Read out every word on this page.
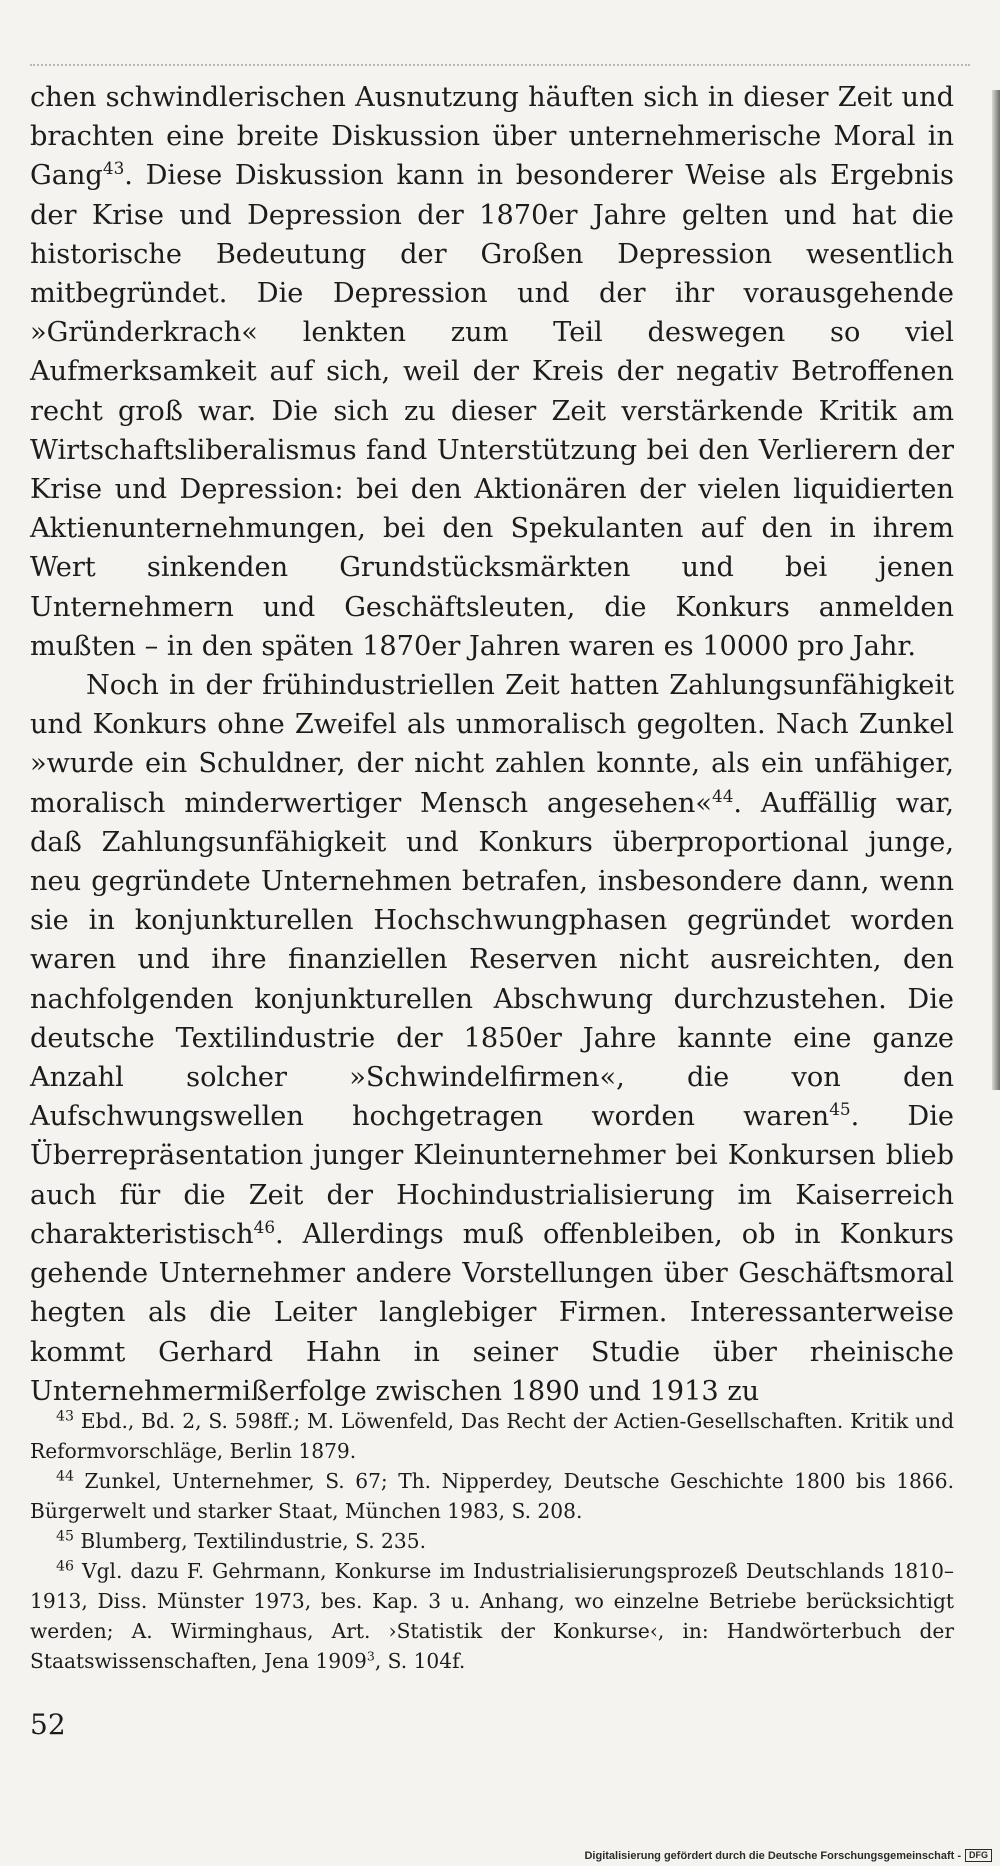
chen schwindlerischen Ausnutzung häuften sich in dieser Zeit und brachten eine breite Diskussion über unternehmerische Moral in Gang$^{43}$. Diese Diskussion kann in besonderer Weise als Ergebnis der Krise und Depression der 1870er Jahre gelten und hat die historische Bedeutung der Großen Depression wesentlich mitbegründet. Die Depression und der ihr vorausgehende »Gründerkrach« lenkten zum Teil deswegen so viel Aufmerksamkeit auf sich, weil der Kreis der negativ Betroffenen recht groß war. Die sich zu dieser Zeit verstärkende Kritik am Wirtschaftsliberalismus fand Unterstützung bei den Verlierern der Krise und Depression: bei den Aktionären der vielen liquidierten Aktienunternehmungen, bei den Spekulanten auf den in ihrem Wert sinkenden Grundstücksmärkten und bei jenen Unternehmern und Geschäftsleuten, die Konkurs anmelden mußten – in den späten 1870er Jahren waren es 10000 pro Jahr.

Noch in der frühindustriellen Zeit hatten Zahlungsunfähigkeit und Konkurs ohne Zweifel als unmoralisch gegolten. Nach Zunkel »wurde ein Schuldner, der nicht zahlen konnte, als ein unfähiger, moralisch minderwertiger Mensch angesehen«$^{44}$. Auffällig war, daß Zahlungsunfähigkeit und Konkurs überproportional junge, neu gegründete Unternehmen betrafen, insbesondere dann, wenn sie in konjunkturellen Hochschwungphasen gegründet worden waren und ihre finanziellen Reserven nicht ausreichten, den nachfolgenden konjunkturellen Abschwung durchzustehen. Die deutsche Textilindustrie der 1850er Jahre kannte eine ganze Anzahl solcher »Schwindelfirmen«, die von den Aufschwungswellen hochgetragen worden waren$^{45}$. Die Überrepräsentation junger Kleinunternehmer bei Konkursen blieb auch für die Zeit der Hochindustrialisierung im Kaiserreich charakteristisch$^{46}$. Allerdings muß offenbleiben, ob in Konkurs gehende Unternehmer andere Vorstellungen über Geschäftsmoral hegten als die Leiter langlebiger Firmen. Interessanterweise kommt Gerhard Hahn in seiner Studie über rheinische Unternehmermißerfolge zwischen 1890 und 1913 zu

$^{43}$ Ebd., Bd. 2, S. 598ff.; M. Löwenfeld, Das Recht der Actien-Gesellschaften. Kritik und Reformvorschläge, Berlin 1879.

$^{44}$ Zunkel, Unternehmer, S. 67; Th. Nipperdey, Deutsche Geschichte 1800 bis 1866. Bürgerwelt und starker Staat, München 1983, S. 208.

$^{45}$ Blumberg, Textilindustrie, S. 235.

$^{46}$ Vgl. dazu F. Gehrmann, Konkurse im Industrialisierungsprozeß Deutschlands 1810–1913, Diss. Münster 1973, bes. Kap. 3 u. Anhang, wo einzelne Betriebe berücksichtigt werden; A. Wirminghaus, Art. ›Statistik der Konkurse‹, in: Handwörterbuch der Staatswissenschaften, Jena 1909$^3$, S. 104f.

52
Digitalisierung gefördert durch die Deutsche Forschungsgemeinschaft - DFG
